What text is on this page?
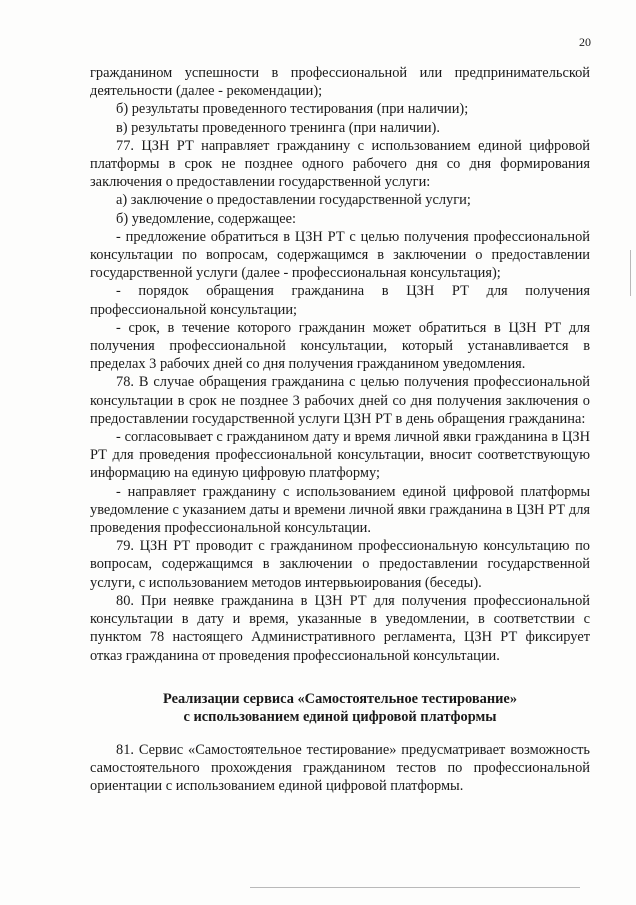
20

гражданином успешности в профессиональной или предпринимательской деятельности (далее - рекомендации);

б) результаты проведенного тестирования (при наличии);

в) результаты проведенного тренинга (при наличии).

77. ЦЗН РТ направляет гражданину с использованием единой цифровой платформы в срок не позднее одного рабочего дня со дня формирования заключения о предоставлении государственной услуги:

а) заключение о предоставлении государственной услуги;

б) уведомление, содержащее:

- предложение обратиться в ЦЗН РТ с целью получения профессиональной консультации по вопросам, содержащимся в заключении о предоставлении государственной услуги (далее - профессиональная консультация);

- порядок обращения гражданина в ЦЗН РТ для получения профессиональной консультации;

- срок, в течение которого гражданин может обратиться в ЦЗН РТ для получения профессиональной консультации, который устанавливается в пределах 3 рабочих дней со дня получения гражданином уведомления.

78. В случае обращения гражданина с целью получения профессиональной консультации в срок не позднее 3 рабочих дней со дня получения заключения о предоставлении государственной услуги ЦЗН РТ в день обращения гражданина:

- согласовывает с гражданином дату и время личной явки гражданина в ЦЗН РТ для проведения профессиональной консультации, вносит соответствующую информацию на единую цифровую платформу;

- направляет гражданину с использованием единой цифровой платформы уведомление с указанием даты и времени личной явки гражданина в ЦЗН РТ для проведения профессиональной консультации.

79. ЦЗН РТ проводит с гражданином профессиональную консультацию по вопросам, содержащимся в заключении о предоставлении государственной услуги, с использованием методов интервьюирования (беседы).

80. При неявке гражданина в ЦЗН РТ для получения профессиональной консультации в дату и время, указанные в уведомлении, в соответствии с пунктом 78 настоящего Административного регламента, ЦЗН РТ фиксирует отказ гражданина от проведения профессиональной консультации.

Реализации сервиса «Самостоятельное тестирование»
с использованием единой цифровой платформы

81. Сервис «Самостоятельное тестирование» предусматривает возможность самостоятельного прохождения гражданином тестов по профессиональной ориентации с использованием единой цифровой платформы.
